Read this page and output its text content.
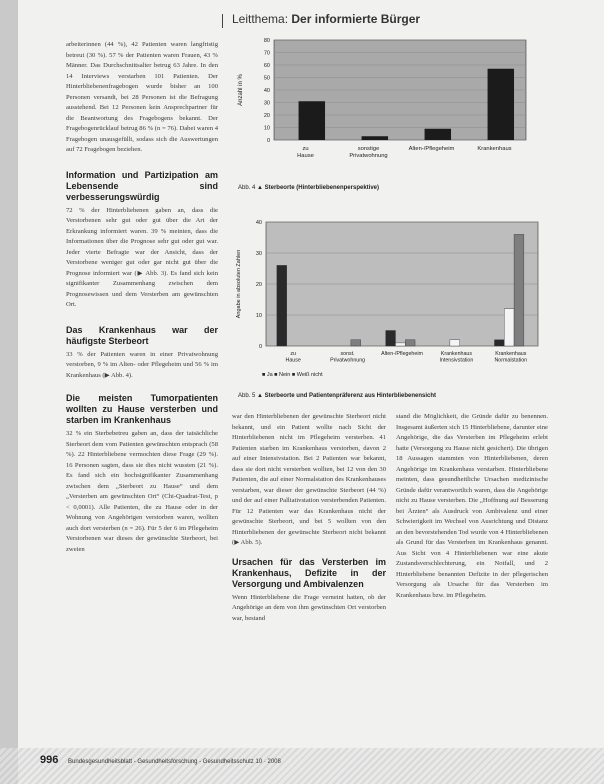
Leitthema: Der informierte Bürger

arbeiterinnen (44 %), 42 Patienten waren langfristig betreut (30 %). 57 % der Patienten waren Frauen, 43 % Männer. Das Durchschnittsalter betrug 63 Jahre. In den 14 Interviews verstarben 101 Patienten. Der Hinterbliebenenfragebogen wurde bisher an 100 Personen versandt, bei 28 Personen ist die Befragung ausstehend. Bei 12 Personen kein Ansprechpartner für die Beantwortung des Fragebogens bekannt. Der Fragebogenrücklauf betrug 86 % (n = 76). Dabei waren 4 Fragebogen unausgefüllt, sodass sich die Auswertungen auf 72 Fragebogen beziehen.

Information und Partizipation am Lebensende sind verbesserungswürdig

72 % der Hinterbliebenen gaben an, dass die Verstorbenen sehr gut oder gut über die Art der Erkrankung informiert waren. 39 % meinten, dass die Informationen über die Prognose sehr gut oder gut war. Jeder vierte Befragte war der Ansicht, dass der Verstorbene weniger gut oder gar nicht gut über die Prognose informiert war (▶ Abb. 3). Es fand sich kein signifikanter Zusammenhang zwischen dem Prognosewissen und dem Versterben am gewünschten Ort.

Das Krankenhaus war der häufigste Sterbeort

33 % der Patienten waren in einer Privatwohnung verstorben, 9 % im Alten- oder Pflegeheim und 56 % im Krankenhaus (▶ Abb. 4).

Die meisten Tumorpatienten wollten zu Hause versterben und starben im Krankenhaus

32 % ein Sterbebetreu gaben an, dass der tatsächliche Sterbeort dem vom Patienten gewünschten entsprach (58 %). 22 Hinterbliebene vermochten diese Frage (29 %). 16 Personen sagten, dass sie dies nicht wussten (21 %). Es fand sich ein hochsignifikanter Zusammenhang zwischen dem „Sterbeort zu Hause“ und dem „Versterben am gewünschten Ort“ (Chi-Quadrat-Test, p < 0,0001). Alle Patienten, die zu Hause oder in der Wohnung von Angehörigen verstorben waren, wollten auch dort versterben (n = 26). Für 5 der 6 im Pflegeheim Verstorbenen war dieses der gewünschte Sterbeort, bei zweien

0
10
20
30
40
50
60
70
80
Anzahl in %
zu
Hause
sonstige
Privatwohnung
Alten-/Pflegeheim	Krankenhaus
Abb. 4 ▲ Sterbeorte (Hinterbliebenenperspektive)
0
10
20
30
40
Angabe in absoluten Zahlen
zu
Hause
sonst.
Privatwohnung
Alten-/Pflegeheim	Krankenhaus
Intensivstation
Krankenhaus
Normalstation
■ Ja ■ Nein ■ Weiß nicht
Abb. 5 ▲ Sterbeorte und Patientenpräferenz aus Hinterbliebenensicht

war den Hinterbliebenen der gewünschte Sterbeort nicht bekannt, und ein Patient wollte nach Sicht der Hinterbliebenen nicht im Pflegeheim versterben. 41 Patienten starben im Krankenhaus verstorben, davon 2 auf einer Intensivstation. Bei 2 Patienten war bekannt, dass sie dort nicht versterben wollten, bei 12 von den 30 Patienten, die auf einer Normalstation des Krankenhauses verstarben, war dieser der gewünschte Sterbeort (44 %) und der auf einer Palliativstation versterbenden Patienten. Für 12 Patienten war das Krankenhaus nicht der gewünschte Sterbeort, und bei 5 wollten von den Hinterbliebenen der gewünschte Sterbeort nicht bekannt (▶ Abb. 5).

Ursachen für das Versterben im Krankenhaus, Defizite in der Versorgung und Ambivalenzen

Wenn Hinterbliebene die Frage verneint hatten, ob der Angehörige an dem von ihm gewünschten Ort verstorben war, bestand

stand die Möglichkeit, die Gründe dafür zu benennen. Insgesamt äußerten sich 15 Hinterbliebene, darunter eine Angehörige, die das Versterben im Pflegeheim erlebt hatte (Versorgung zu Hause nicht gesichert). Die übrigen 18 Aussagen stammten von Hinterbliebenen, deren Angehörige im Krankenhaus verstarben. Hinterbliebene meinten, dass gesundheitliche Ursachen medizinische Gründe dafür verantwortlich waren, dass die Angehörige nicht zu Hause versterben. Die „Hoffnung auf Besserung bei Ärzten“ als Ausdruck von Ambivalenz und einer Schwierigkeit im Wechsel von Ausrichtung und Distanz an den bevorstehenden Tod wurde von 4 Hinterbliebenen als Grund für das Versterben im Krankenhaus genannt. Aus Sicht von 4 Hinterbliebenen war eine akute Zustandsverschlechterung, ein Notfall, und 2 Hinterbliebene benannten Defizite in der pflegerischen Versorgung als Ursache für das Versterben im Krankenhaus bzw. im Pflegeheim.

996 Bundesgesundheitsblatt - Gesundheitsforschung - Gesundheitsschutz 10 · 2008
